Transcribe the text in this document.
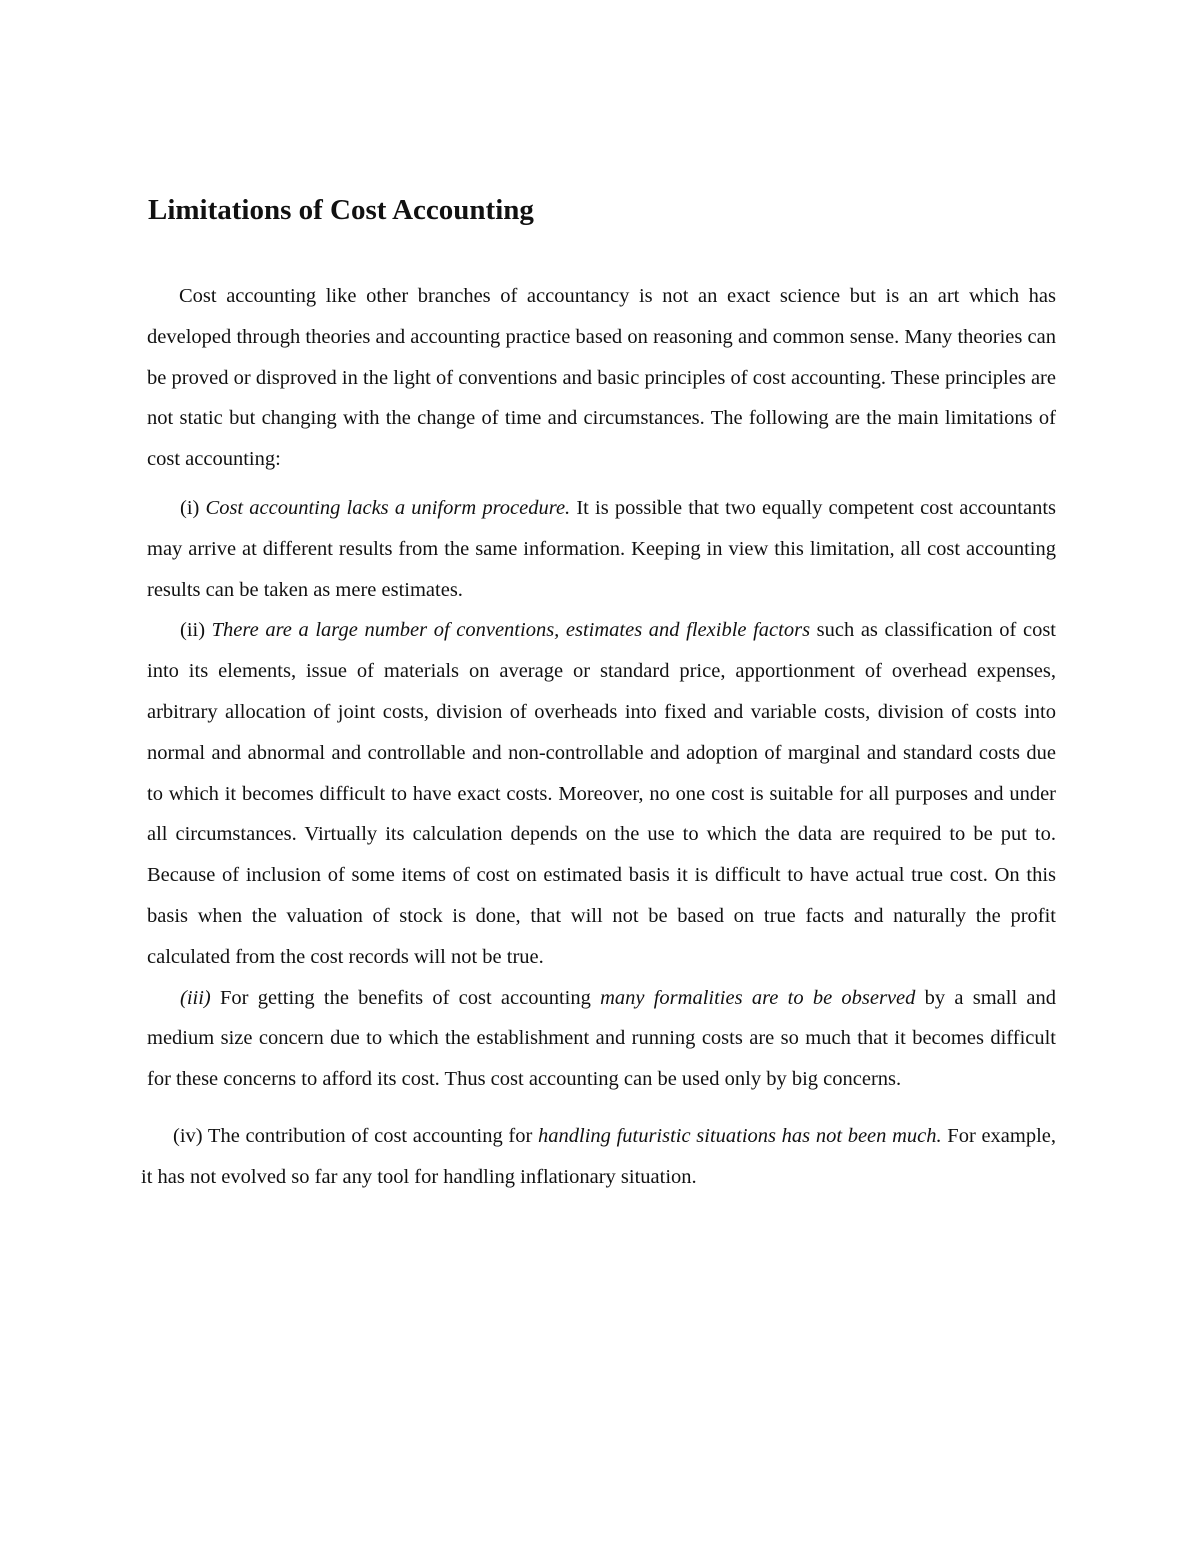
Limitations of Cost Accounting

Cost accounting like other branches of accountancy is not an exact science but is an art which has developed through theories and accounting practice based on reasoning and common sense. Many theories can be proved or disproved in the light of conventions and basic principles of cost accounting. These principles are not static but changing with the change of time and circumstances. The following are the main limitations of cost accounting:

(i) Cost accounting lacks a uniform procedure. It is possible that two equally competent cost accountants may arrive at different results from the same information. Keeping in view this limitation, all cost accounting results can be taken as mere estimates.

(ii) There are a large number of conventions, estimates and flexible factors such as classification of cost into its elements, issue of materials on average or standard price, apportionment of overhead expenses, arbitrary allocation of joint costs, division of overheads into fixed and variable costs, division of costs into normal and abnormal and controllable and non-controllable and adoption of marginal and standard costs due to which it becomes difficult to have exact costs. Moreover, no one cost is suitable for all purposes and under all circumstances. Virtually its calculation depends on the use to which the data are required to be put to. Because of inclusion of some items of cost on estimated basis it is difficult to have actual true cost. On this basis when the valuation of stock is done, that will not be based on true facts and naturally the profit calculated from the cost records will not be true.

(iii) For getting the benefits of cost accounting many formalities are to be observed by a small and medium size concern due to which the establishment and running costs are so much that it becomes difficult for these concerns to afford its cost. Thus cost accounting can be used only by big concerns.

(iv) The contribution of cost accounting for handling futuristic situations has not been much. For example, it has not evolved so far any tool for handling inflationary situation.
